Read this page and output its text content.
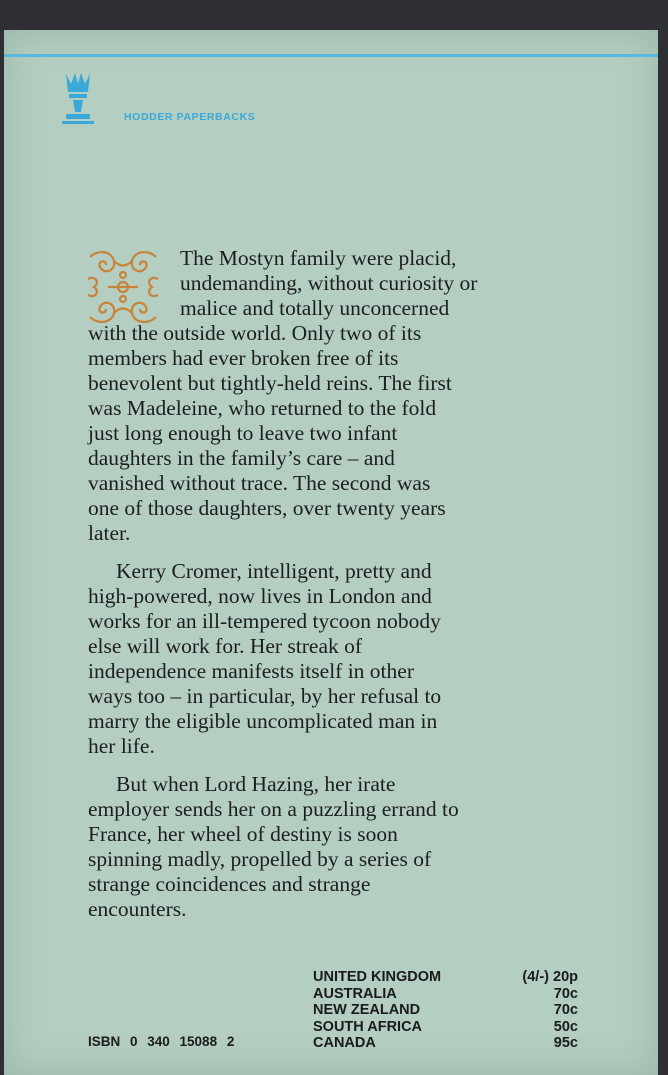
HODDER PAPERBACKS

The Mostyn family were placid,
undemanding, without curiosity or
malice and totally unconcerned
with the outside world. Only two of its
members had ever broken free of its
benevolent but tightly-held reins. The first
was Madeleine, who returned to the fold
just long enough to leave two infant
daughters in the family’s care – and
vanished without trace. The second was
one of those daughters, over twenty years
later.

Kerry Cromer, intelligent, pretty and
high-powered, now lives in London and
works for an ill-tempered tycoon nobody
else will work for. Her streak of
independence manifests itself in other
ways too – in particular, by her refusal to
marry the eligible uncomplicated man in
her life.

But when Lord Hazing, her irate
employer sends her on a puzzling errand to
France, her wheel of destiny is soon
spinning madly, propelled by a series of
strange coincidences and strange
encounters.

UNITED KINGDOM	(4/-) 20p
AUSTRALIA	70c
NEW ZEALAND	70c
SOUTH AFRICA	50c
CANADA	95c
ISBN 0 340 15088 2
